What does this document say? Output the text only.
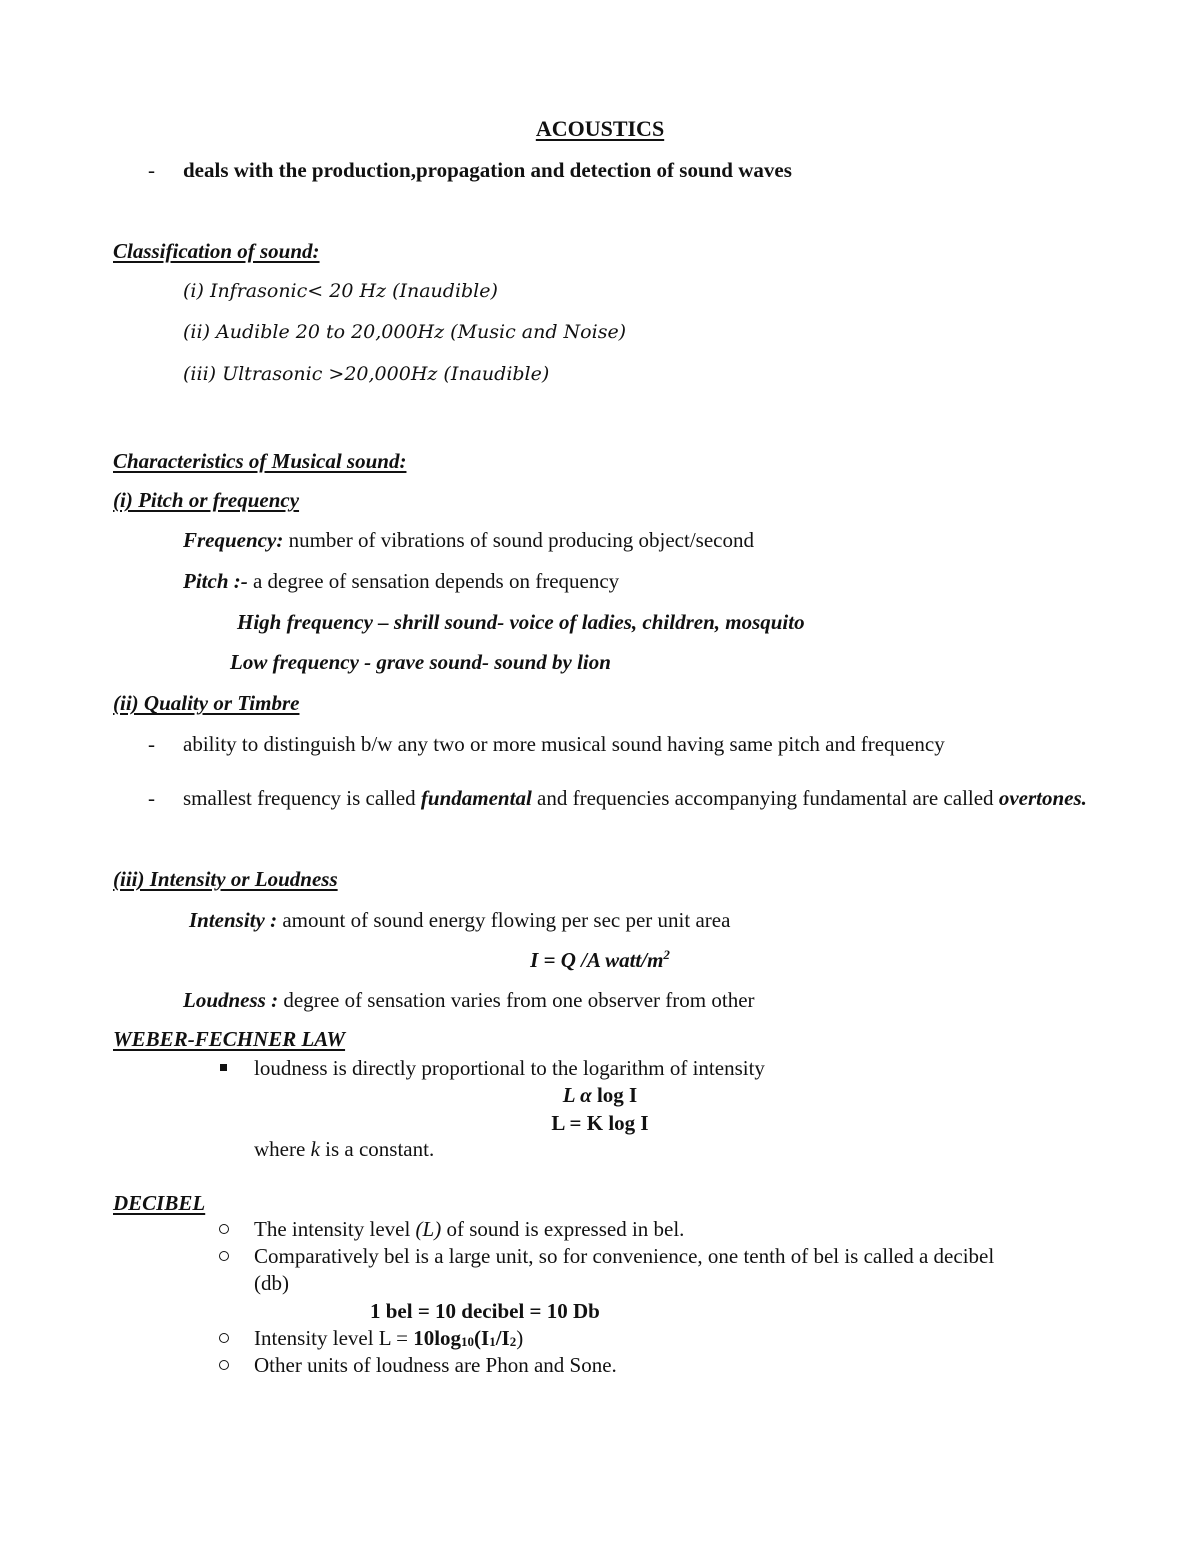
ACOUSTICS
- deals with the production,propagation and detection of sound waves
Classification of sound:
(i) Infrasonic< 20 Hz (Inaudible)
(ii) Audible 20 to 20,000Hz (Music and Noise)
(iii) Ultrasonic >20,000Hz (Inaudible)
Characteristics of Musical sound:
(i) Pitch or frequency
Frequency: number of vibrations of sound producing object/second
Pitch :- a degree of sensation depends on frequency
High frequency – shrill sound- voice of ladies, children, mosquito
Low frequency - grave sound- sound by lion
(ii) Quality or Timbre
- ability to distinguish b/w any two or more musical sound having same pitch and frequency
- smallest frequency is called fundamental and frequencies accompanying fundamental are called overtones.
(iii) Intensity or Loudness
Intensity : amount of sound energy flowing per sec per unit area
I = Q /A watt/$m^2$
Loudness : degree of sensation varies from one observer from other
WEBER-FECHNER LAW
loudness is directly proportional to the logarithm of intensity
L α log I
L = K log I
where k is a constant.
DECIBEL
The intensity level (L) of sound is expressed in bel.
Comparatively bel is a large unit, so for convenience, one tenth of bel is called a decibel
(db)
1 bel = 10 decibel = 10 Db
Intensity level $L = 10\log_{10}(I_1/I_2)$
Other units of loudness are Phon and Sone.
